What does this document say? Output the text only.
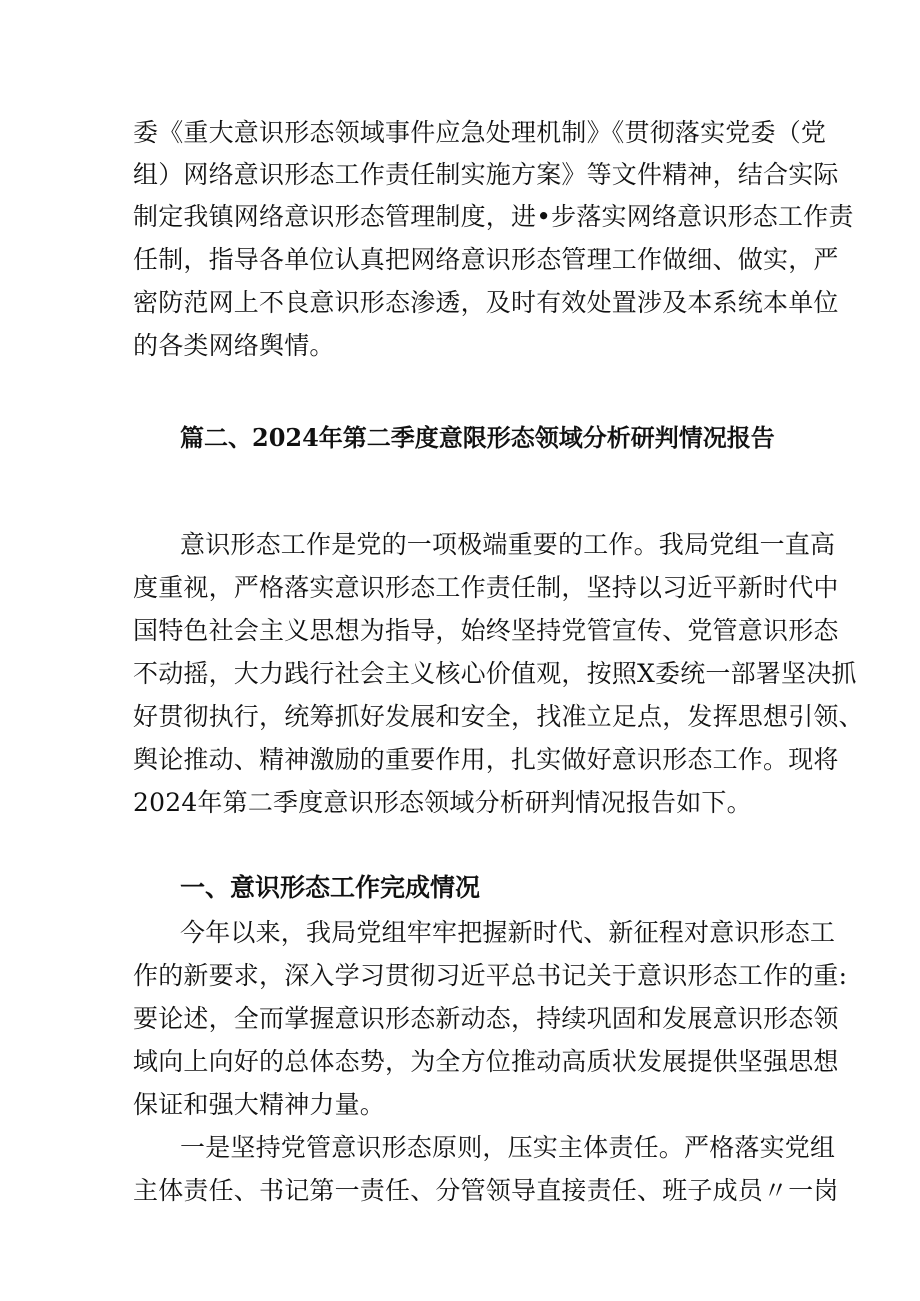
委《重大意识形态领域事件应急处理机制》《贯彻落实党委（党
组）网络意识形态工作责任制实施方案》等文件精神，结合实际
制定我镇网络意识形态管理制度，进•步落实网络意识形态工作责
任制，指导各单位认真把网络意识形态管理工作做细、做实，严
密防范网上不良意识形态渗透，及时有效处置涉及本系统本单位
的各类网络舆情。
篇二、2024年第二季度意限形态领域分析研判情况报告
意识形态工作是党的一项极端重要的工作。我局党组一直高
度重视，严格落实意识形态工作责任制，坚持以习近平新时代中
国特色社会主义思想为指导，始终坚持党管宣传、党管意识形态
不动摇，大力践行社会主义核心价值观，按照X委统一部署坚决抓
好贯彻执行，统筹抓好发展和安全，找准立足点，发挥思想引领、
舆论推动、精神激励的重要作用，扎实做好意识形态工作。现将
2024年第二季度意识形态领域分析研判情况报告如下。
一、意识形态工作完成情况
今年以来，我局党组牢牢把握新时代、新征程对意识形态工
作的新要求，深入学习贯彻习近平总书记关于意识形态工作的重:
要论述，全而掌握意识形态新动态，持续巩固和发展意识形态领
域向上向好的总体态势，为全方位推动高质状发展提供坚强思想
保证和强大精神力量。
一是坚持党管意识形态原则，压实主体责任。严格落实党组
主体责任、书记第一责任、分管领导直接责任、班子成员〃一岗
